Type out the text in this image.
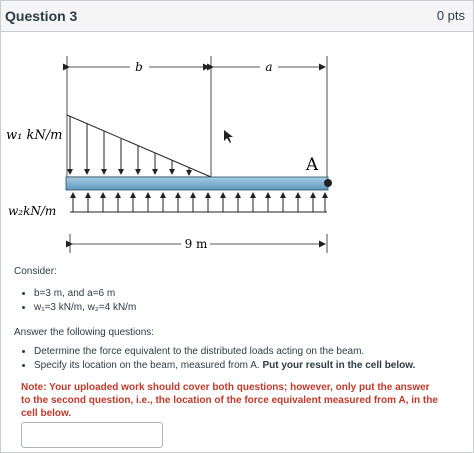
Question 3	0 pts
b	a
A
w₁ kN/m
w₂kN/m
9 m
Consider:
• b=3 m, and a=6 m
• w₁=3 kN/m, w₂=4 kN/m
Answer the following questions:
• Determine the force equivalent to the distributed loads acting on the beam.
• Specify its location on the beam, measured from A. Put your result in the cell below.
Note: Your uploaded work should cover both questions; however, only put the answer to the second question, i.e., the location of the force equivalent measured from A, in the cell below.
